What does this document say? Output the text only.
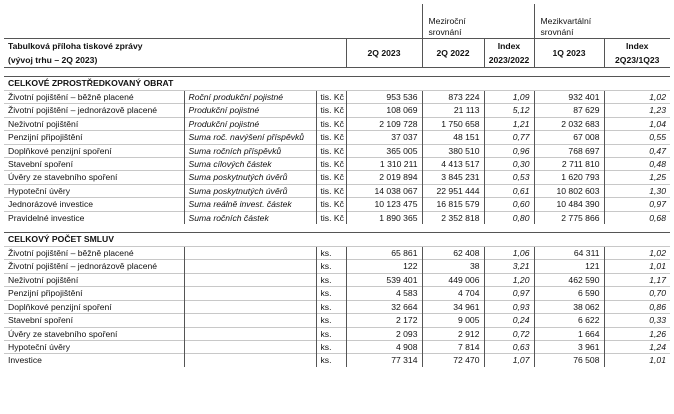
				Meziroční
srovnání		Mezikvartální
srovnání	
Tabulková příloha tiskové zprávy			2Q 2023	2Q 2022	Index	1Q 2023	Index
(vývoj trhu – 2Q 2023)					2023/2022		2Q23/1Q23

CELKOVÉ ZPROSTŘEDKOVANÝ OBRAT							
Životní pojištění – běžně placené	Roční produkční pojistné	tis. Kč	953 536	873 224	1,09	932 401	1,02
Životní pojištění – jednorázově placené	Produkční pojistné	tis. Kč	108 069	21 113	5,12	87 629	1,23
Neživotní pojištění	Produkční pojistné	tis. Kč	2 109 728	1 750 658	1,21	2 032 683	1,04
Penzijní připojištění	Suma roč. navýšení příspěvků	tis. Kč	37 037	48 151	0,77	67 008	0,55
Doplňkové penzijní spoření	Suma ročních příspěvků	tis. Kč	365 005	380 510	0,96	768 697	0,47
Stavební spoření	Suma cílových částek	tis. Kč	1 310 211	4 413 517	0,30	2 711 810	0,48
Úvěry ze stavebního spoření	Suma poskytnutých úvěrů	tis. Kč	2 019 894	3 845 231	0,53	1 620 793	1,25
Hypoteční úvěry	Suma poskytnutých úvěrů	tis. Kč	14 038 067	22 951 444	0,61	10 802 603	1,30
Jednorázové investice	Suma reálně invest. částek	tis. Kč	10 123 475	16 815 579	0,60	10 484 390	0,97
Pravidelné investice	Suma ročních částek	tis. Kč	1 890 365	2 352 818	0,80	2 775 866	0,68

CELKOVÝ POČET SMLUV							
Životní pojištění – běžně placené		ks.	65 861	62 408	1,06	64 311	1,02
Životní pojištění – jednorázově placené		ks.	122	38	3,21	121	1,01
Neživotní pojištění		ks.	539 401	449 006	1,20	462 590	1,17
Penzijní připojištění		ks.	4 583	4 704	0,97	6 590	0,70
Doplňkové penzijní spoření		ks.	32 664	34 961	0,93	38 062	0,86
Stavební spoření		ks.	2 172	9 005	0,24	6 622	0,33
Úvěry ze stavebního spoření		ks.	2 093	2 912	0,72	1 664	1,26
Hypoteční úvěry		ks.	4 908	7 814	0,63	3 961	1,24
Investice		ks.	77 314	72 470	1,07	76 508	1,01
